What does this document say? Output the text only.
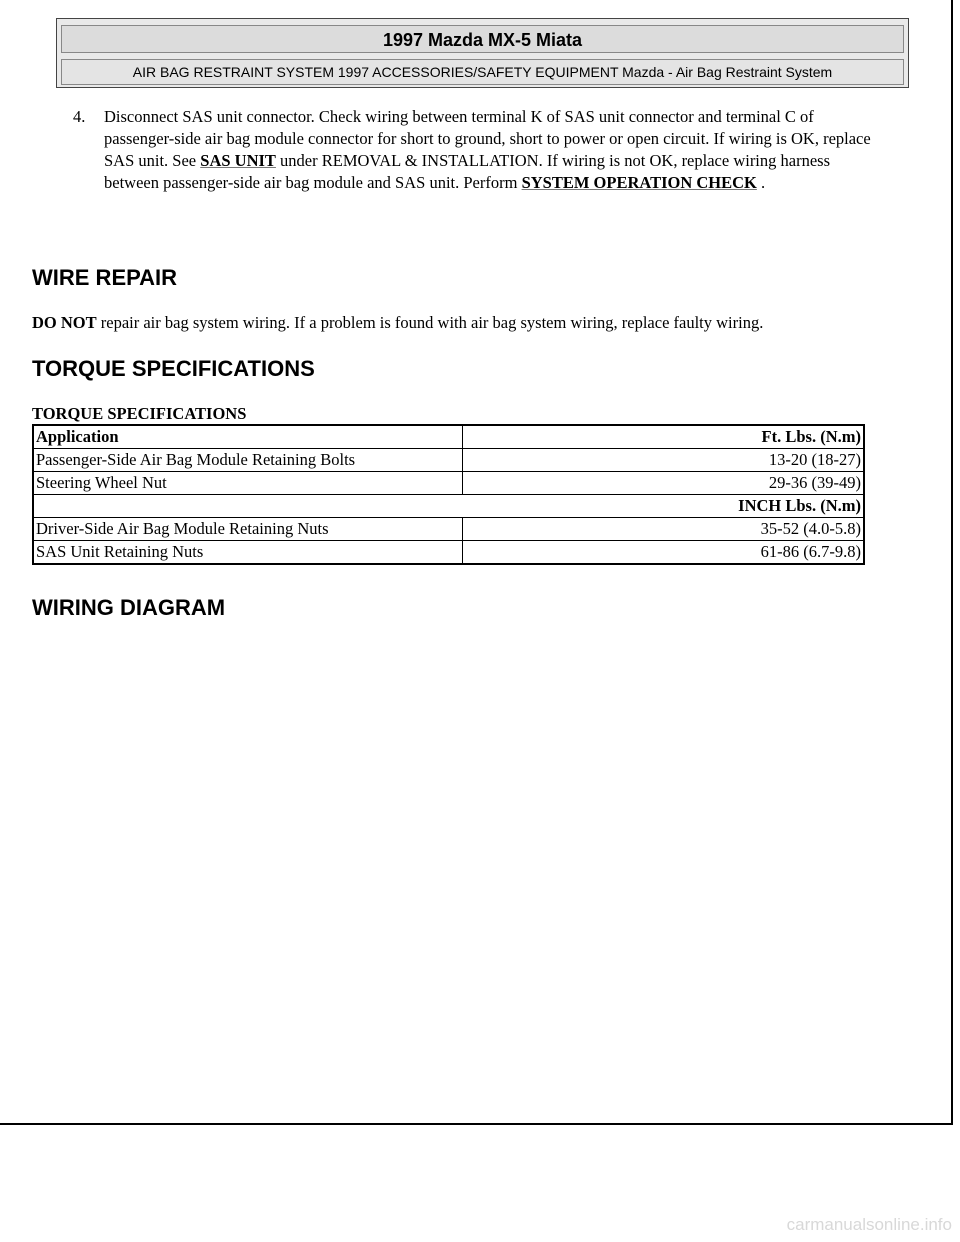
1997 Mazda MX-5 Miata
AIR BAG RESTRAINT SYSTEM 1997 ACCESSORIES/SAFETY EQUIPMENT Mazda - Air Bag Restraint System
4. Disconnect SAS unit connector. Check wiring between terminal K of SAS unit connector and terminal C of passenger-side air bag module connector for short to ground, short to power or open circuit. If wiring is OK, replace SAS unit. See SAS UNIT under REMOVAL & INSTALLATION. If wiring is not OK, replace wiring harness between passenger-side air bag module and SAS unit. Perform SYSTEM OPERATION CHECK .
WIRE REPAIR
DO NOT repair air bag system wiring. If a problem is found with air bag system wiring, replace faulty wiring.
TORQUE SPECIFICATIONS
TORQUE SPECIFICATIONS
Application	Ft. Lbs. (N.m)
Passenger-Side Air Bag Module Retaining Bolts	13-20 (18-27)
Steering Wheel Nut	29-36 (39-49)
INCH Lbs. (N.m)	
Driver-Side Air Bag Module Retaining Nuts	35-52 (4.0-5.8)
SAS Unit Retaining Nuts	61-86 (6.7-9.8)
WIRING DIAGRAM
carmanualsonline.info
